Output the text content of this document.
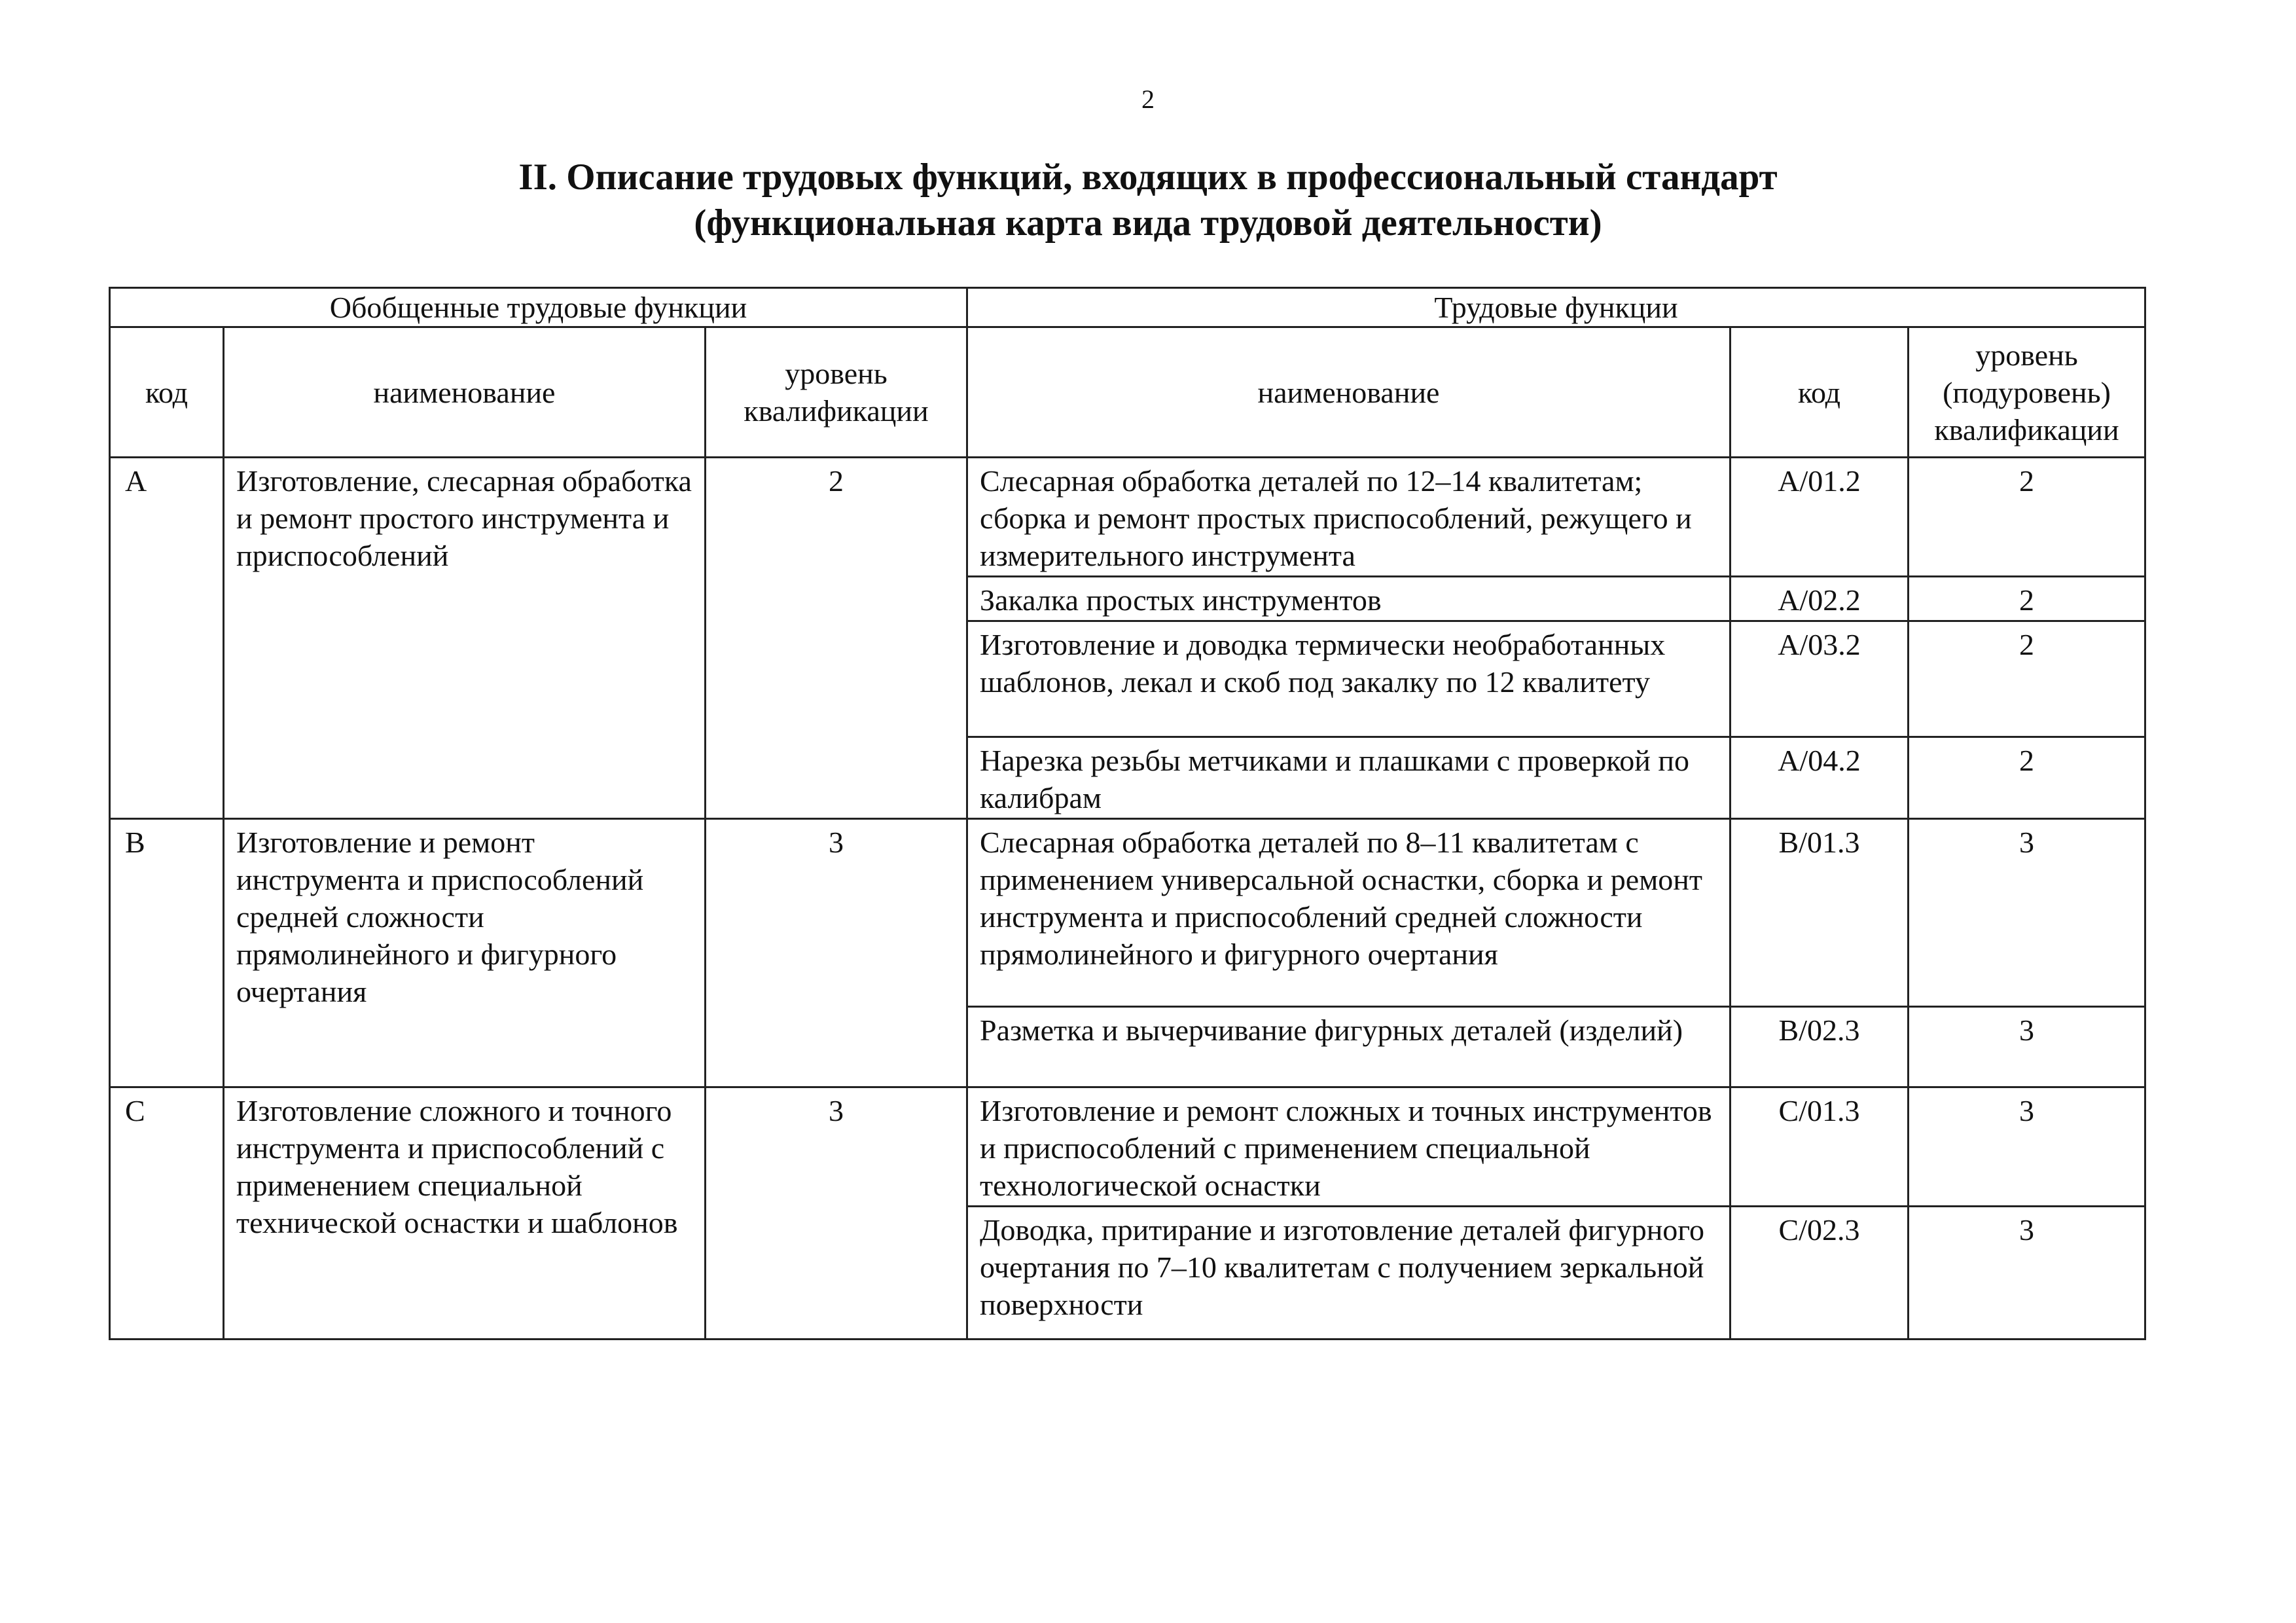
2
II. Описание трудовых функций, входящих в профессиональный стандарт
(функциональная карта вида трудовой деятельности)
Обобщенные трудовые функции			Трудовые функции		
код	наименование	уровень квалификации	наименование	код	уровень (подуровень) квалификации
A	Изготовление, слесарная обработка и ремонт простого инструмента и приспособлений	2	Слесарная обработка деталей по 12–14 квалитетам; сборка и ремонт простых приспособлений, режущего и измерительного инструмента	A/01.2	2
			Закалка простых инструментов	A/02.2	2
			Изготовление и доводка термически необработанных шаблонов, лекал и скоб под закалку по 12 квалитету	A/03.2	2
			Нарезка резьбы метчиками и плашками с проверкой по калибрам	A/04.2	2
B	Изготовление и ремонт инструмента и приспособлений средней сложности прямолинейного и фигурного очертания	3	Слесарная обработка деталей по 8–11 квалитетам с применением универсальной оснастки, сборка и ремонт инструмента и приспособлений средней сложности прямолинейного и фигурного очертания	B/01.3	3
			Разметка и вычерчивание фигурных деталей (изделий)	B/02.3	3
C	Изготовление сложного и точного инструмента и приспособлений с применением специальной технической оснастки и шаблонов	3	Изготовление и ремонт сложных и точных инструментов и приспособлений с применением специальной технологической оснастки	C/01.3	3
			Доводка, притирание и изготовление деталей фигурного очертания по 7–10 квалитетам с получением зеркальной поверхности	C/02.3	3
